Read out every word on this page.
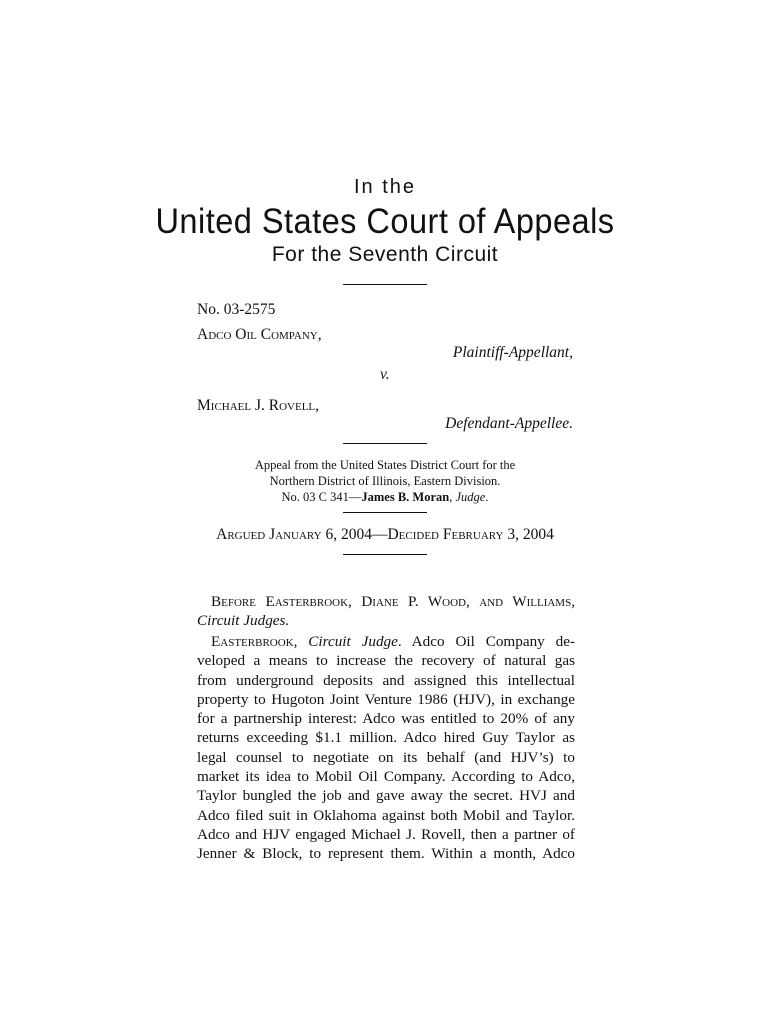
In the
United States Court of Appeals
For the Seventh Circuit
No. 03-2575
Adco Oil Company,
Plaintiff-Appellant,
v.
Michael J. Rovell,
Defendant-Appellee.
Appeal from the United States District Court for the
Northern District of Illinois, Eastern Division.
No. 03 C 341—James B. Moran, Judge.
Argued January 6, 2004—Decided February 3, 2004
Before Easterbrook, Diane P. Wood, and Williams,
Circuit Judges.
Easterbrook, Circuit Judge. Adco Oil Company de-
veloped a means to increase the recovery of natural gas
from underground deposits and assigned this intellectual
property to Hugoton Joint Venture 1986 (HJV), in exchange
for a partnership interest: Adco was entitled to 20% of any
returns exceeding $1.1 million. Adco hired Guy Taylor as
legal counsel to negotiate on its behalf (and HJV’s) to
market its idea to Mobil Oil Company. According to Adco,
Taylor bungled the job and gave away the secret. HVJ and
Adco filed suit in Oklahoma against both Mobil and Taylor.
Adco and HJV engaged Michael J. Rovell, then a partner of
Jenner & Block, to represent them. Within a month, Adco
